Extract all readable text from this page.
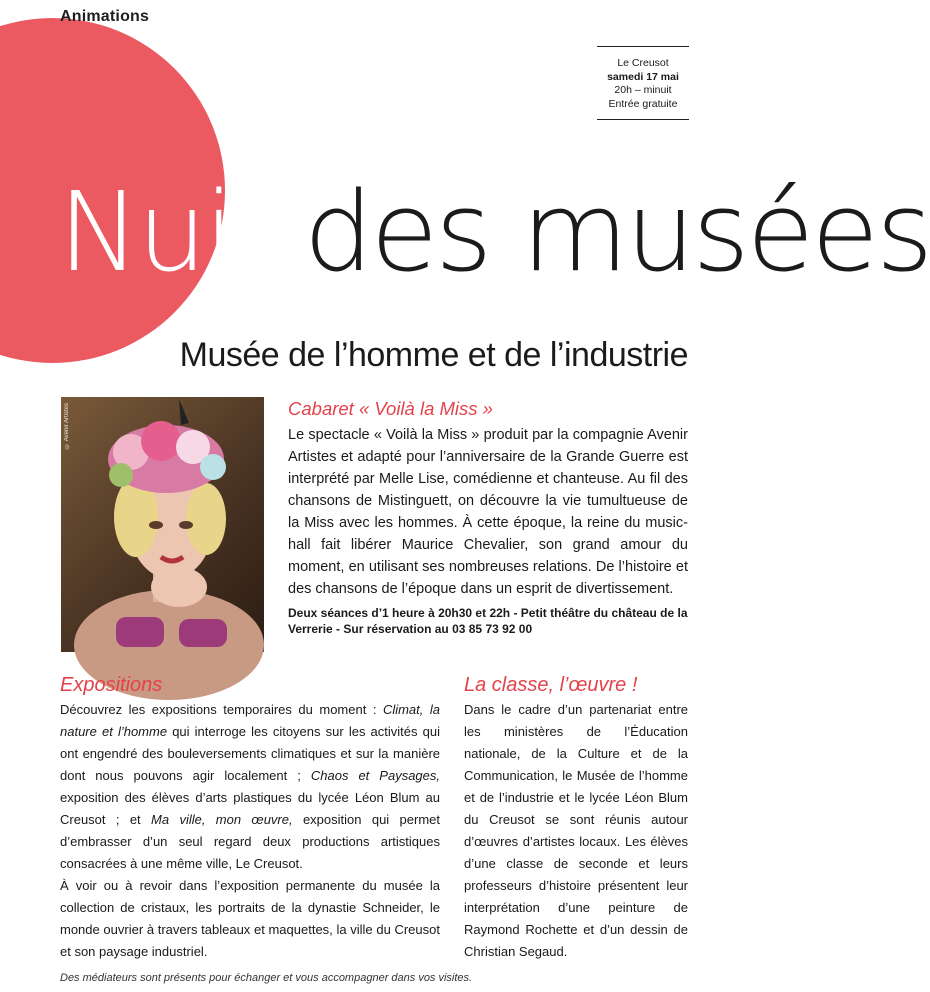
Animations
Le Creusot
samedi 17 mai
20h – minuit
Entrée gratuite
Nuit des musées
Musée de l’homme et de l’industrie
© Avenir Artistes	Cabaret « Voilà la Miss »

Le spectacle « Voilà la Miss » produit par la compagnie Avenir Artistes et adapté pour l’anniversaire de la Grande Guerre est interprété par Melle Lise, comédienne et chanteuse. Au fil des chansons de Mistinguett, on découvre la vie tumultueuse de la Miss avec les hommes. À cette époque, la reine du music-hall fait libérer Maurice Chevalier, son grand amour du moment, en utilisant ses nombreuses relations. De l’histoire et des chansons de l’époque dans un esprit de divertissement.

Deux séances d’1 heure à 20h30 et 22h - Petit théâtre du château de la Verrerie - Sur réservation au 03 85 73 92 00

Expositions

Découvrez les expositions temporaires du moment : Climat, la nature et l’homme qui interroge les citoyens sur les activités qui ont engendré des bouleversements climatiques et sur la manière dont nous pouvons agir localement ; Chaos et Paysages, exposition des élèves d’arts plastiques du lycée Léon Blum au Creusot ; et Ma ville, mon œuvre, exposition qui permet d’embrasser d’un seul regard deux productions artistiques consacrées à une même ville, Le Creusot.

À voir ou à revoir dans l’exposition permanente du musée la collection de cristaux, les portraits de la dynastie Schneider, le monde ouvrier à travers tableaux et maquettes, la ville du Creusot et son paysage industriel.

La classe, l’œuvre !

Dans le cadre d’un partenariat entre les ministères de l’Éducation nationale, de la Culture et de la Communication, le Musée de l’homme et de l’industrie et le lycée Léon Blum du Creusot se sont réunis autour d’œuvres d’artistes locaux. Les élèves d’une classe de seconde et leurs professeurs d’histoire présentent leur interprétation d’une peinture de Raymond Rochette et d’un dessin de Christian Segaud.

Des médiateurs sont présents pour échanger et vous accompagner dans vos visites.
